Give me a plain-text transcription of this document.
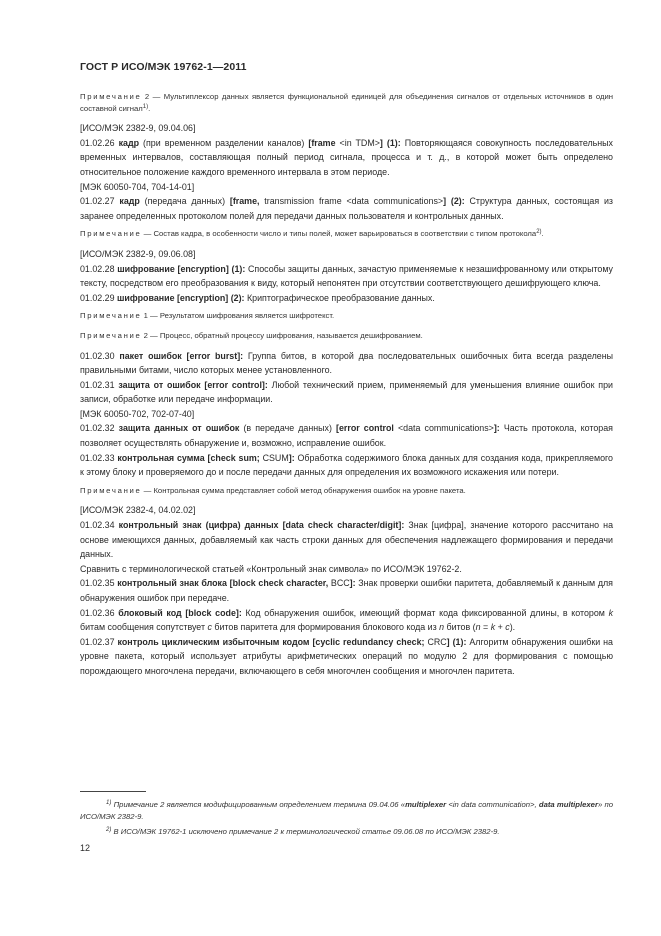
ГОСТ Р ИСО/МЭК 19762-1—2011

Примечание 2 — Мультиплексор данных является функциональной единицей для объединения сигналов от отдельных источников в один составной сигнал$^{1)}$.

[ИСО/МЭК 2382-9, 09.04.06]

01.02.26 кадр (при временном разделении каналов) [frame <in TDM>] (1): Повторяющаяся совокупность последовательных временных интервалов, составляющая полный период сигнала, процесса и т. д., в которой может быть определено относительное положение каждого временного интервала в этом периоде.

[МЭК 60050-704, 704-14-01]

01.02.27 кадр (передача данных) [frame, transmission frame <data communications>] (2): Структура данных, состоящая из заранее определенных протоколом полей для передачи данных пользователя и контрольных данных.

Примечание — Состав кадра, в особенности число и типы полей, может варьироваться в соответствии с типом протокола$^{2)}$.

[ИСО/МЭК 2382-9, 09.06.08]

01.02.28 шифрование [encryption] (1): Способы защиты данных, зачастую применяемые к незашифрованному или открытому тексту, посредством его преобразования к виду, который непонятен при отсутствии соответствующего дешифрующего ключа.

01.02.29 шифрование [encryption] (2): Криптографическое преобразование данных.

Примечание 1 — Результатом шифрования является шифротекст.

Примечание 2 — Процесс, обратный процессу шифрования, называется дешифрованием.

01.02.30 пакет ошибок [error burst]: Группа битов, в которой два последовательных ошибочных бита всегда разделены правильными битами, число которых менее установленного.

01.02.31 защита от ошибок [error control]: Любой технический прием, применяемый для уменьшения влияние ошибок при записи, обработке или передаче информации.

[МЭК 60050-702, 702-07-40]

01.02.32 защита данных от ошибок (в передаче данных) [error control <data communications>]: Часть протокола, которая позволяет осуществлять обнаружение и, возможно, исправление ошибок.

01.02.33 контрольная сумма [check sum; CSUM]: Обработка содержимого блока данных для создания кода, прикрепляемого к этому блоку и проверяемого до и после передачи данных для определения их возможного искажения или потери.

Примечание — Контрольная сумма представляет собой метод обнаружения ошибок на уровне пакета.

[ИСО/МЭК 2382-4, 04.02.02]

01.02.34 контрольный знак (цифра) данных [data check character/digit]: Знак [цифра], значение которого рассчитано на основе имеющихся данных, добавляемый как часть строки данных для обеспечения надлежащего формирования и передачи данных.

Сравнить с терминологической статьей «Контрольный знак символа» по ИСО/МЭК 19762-2.

01.02.35 контрольный знак блока [block check character, BCC]: Знак проверки ошибки паритета, добавляемый к данным для обнаружения ошибок при передаче.

01.02.36 блоковый код [block code]: Код обнаружения ошибок, имеющий формат кода фиксированной длины, в котором k битам сообщения сопутствует c битов паритета для формирования блокового кода из n битов (n = k + c).

01.02.37 контроль циклическим избыточным кодом [cyclic redundancy check; CRC] (1): Алгоритм обнаружения ошибки на уровне пакета, который использует атрибуты арифметических операций по модулю 2 для формирования с помощью порождающего многочлена передачи, включающего в себя многочлен сообщения и многочлен паритета.

$^{1)}$ Примечание 2 является модифицированным определением термина 09.04.06 «multiplexer <in data communication>, data multiplexer» по ИСО/МЭК 2382-9.

$^{2)}$ В ИСО/МЭК 19762-1 исключено примечание 2 к терминологической статье 09.06.08 по ИСО/МЭК 2382-9.

12
